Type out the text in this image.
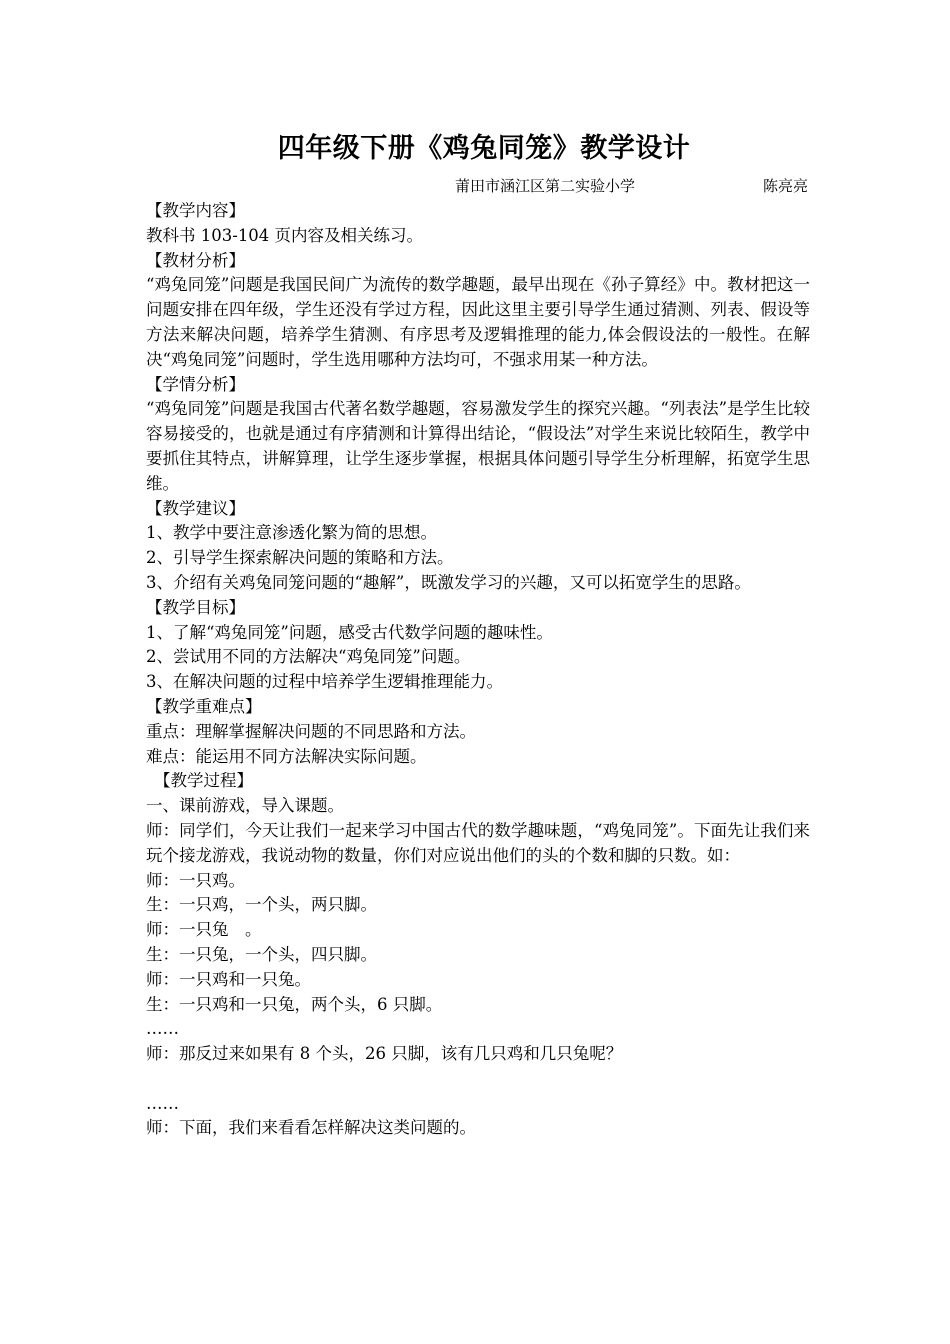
四年级下册《鸡兔同笼》教学设计
莆田市涵江区第二实验小学	陈亮亮
【教学内容】
教科书 103-104 页内容及相关练习。
【教材分析】
“鸡兔同笼”问题是我国民间广为流传的数学趣题，最早出现在《孙子算经》中。教材把这一问题安排在四年级，学生还没有学过方程，因此这里主要引导学生通过猜测、列表、假设等方法来解决问题，培养学生猜测、有序思考及逻辑推理的能力,体会假设法的一般性。在解决“鸡兔同笼”问题时，学生选用哪种方法均可，不强求用某一种方法。
【学情分析】
“鸡兔同笼”问题是我国古代著名数学趣题，容易激发学生的探究兴趣。“列表法”是学生比较容易接受的，也就是通过有序猜测和计算得出结论，“假设法”对学生来说比较陌生，教学中要抓住其特点，讲解算理，让学生逐步掌握，根据具体问题引导学生分析理解，拓宽学生思维。
【教学建议】
1、教学中要注意渗透化繁为简的思想。
2、引导学生探索解决问题的策略和方法。
3、介绍有关鸡兔同笼问题的“趣解”，既激发学习的兴趣，又可以拓宽学生的思路。
【教学目标】
1、了解“鸡兔同笼”问题，感受古代数学问题的趣味性。
2、尝试用不同的方法解决“鸡兔同笼”问题。
3、在解决问题的过程中培养学生逻辑推理能力。
【教学重难点】
重点：理解掌握解决问题的不同思路和方法。
难点：能运用不同方法解决实际问题。
【教学过程】
一、课前游戏，导入课题。
师：同学们，今天让我们一起来学习中国古代的数学趣味题，“鸡兔同笼”。下面先让我们来玩个接龙游戏，我说动物的数量，你们对应说出他们的头的个数和脚的只数。如：
师：一只鸡。
生：一只鸡，一个头，两只脚。
师：一只兔　。
生：一只兔，一个头，四只脚。
师：一只鸡和一只兔。
生：一只鸡和一只兔，两个头，6 只脚。
……
师：那反过来如果有 8 个头，26 只脚，该有几只鸡和几只兔呢？
……
师：下面，我们来看看怎样解决这类问题的。
